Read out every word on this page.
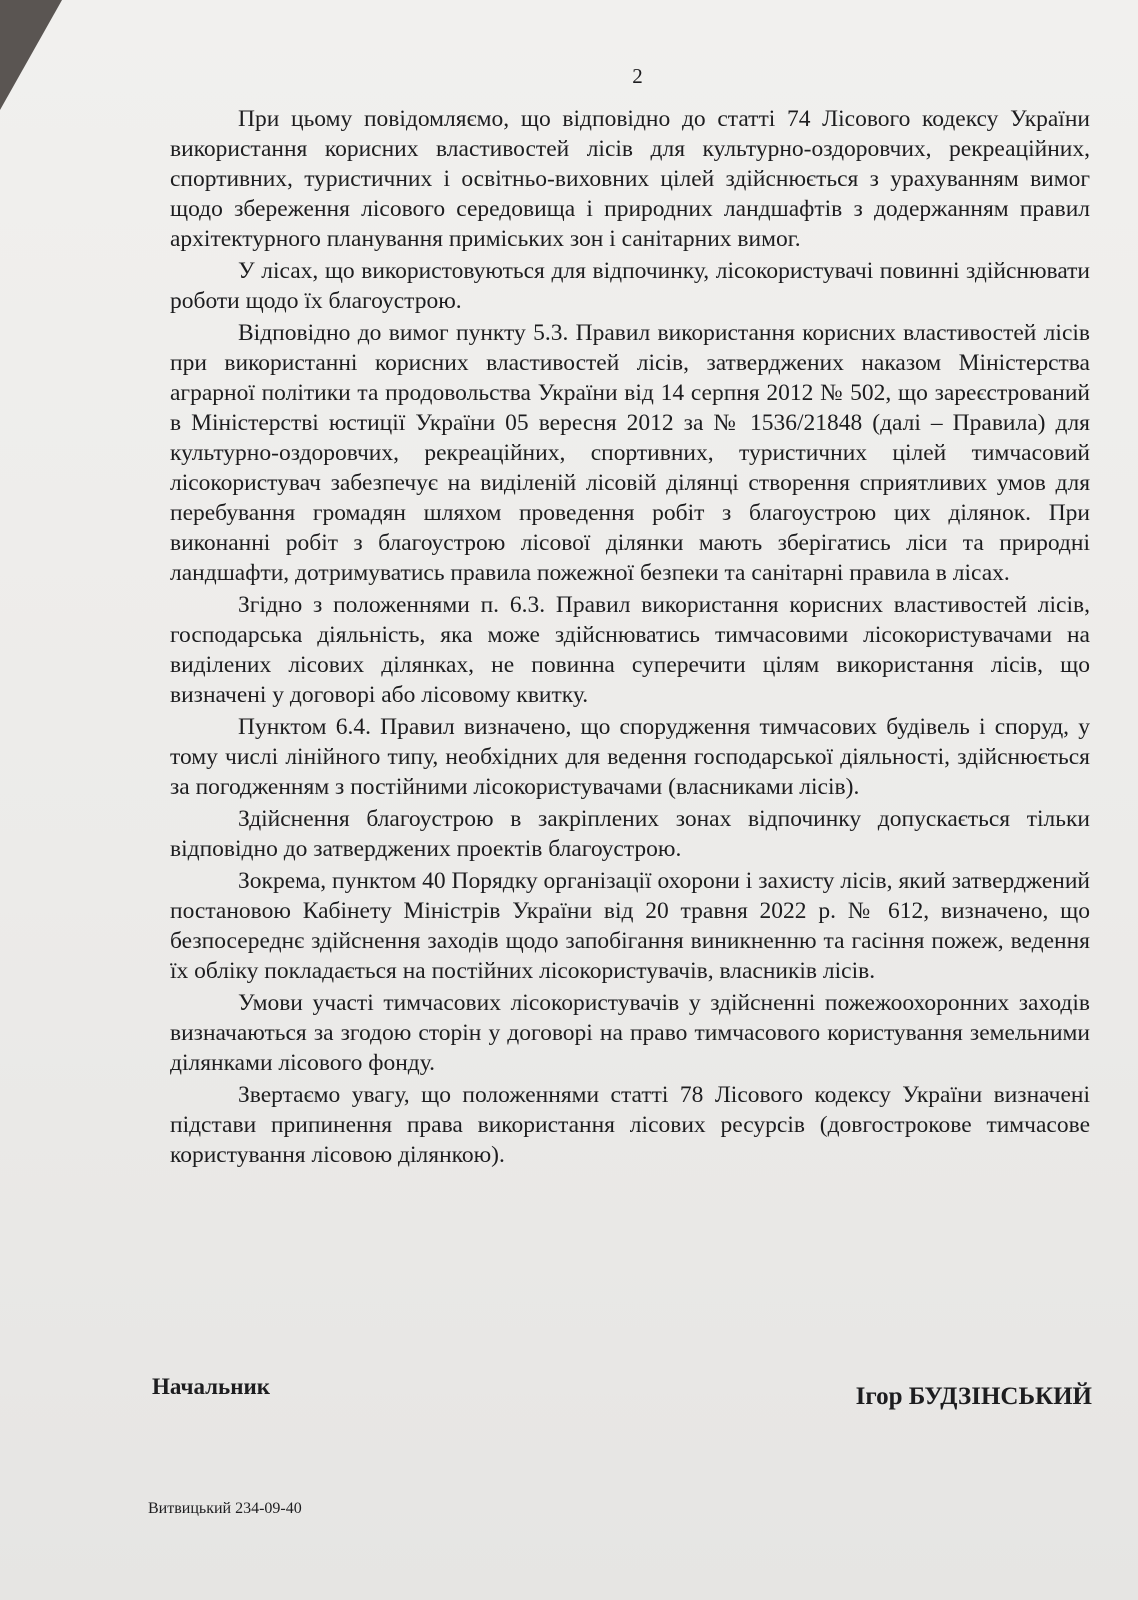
2

При цьому повідомляємо, що відповідно до статті 74 Лісового кодексу України використання корисних властивостей лісів для культурно-оздоровчих, рекреаційних, спортивних, туристичних і освітньо-виховних цілей здійснюється з урахуванням вимог щодо збереження лісового середовища і природних ландшафтів з додержанням правил архітектурного планування приміських зон і санітарних вимог.

У лісах, що використовуються для відпочинку, лісокористувачі повинні здійснювати роботи щодо їх благоустрою.

Відповідно до вимог пункту 5.3. Правил використання корисних властивостей лісів при використанні корисних властивостей лісів, затверджених наказом Міністерства аграрної політики та продовольства України від 14 серпня 2012 № 502, що зареєстрований в Міністерстві юстиції України 05 вересня 2012 за № 1536/21848 (далі – Правила) для культурно-оздоровчих, рекреаційних, спортивних, туристичних цілей тимчасовий лісокористувач забезпечує на виділеній лісовій ділянці створення сприятливих умов для перебування громадян шляхом проведення робіт з благоустрою цих ділянок. При виконанні робіт з благоустрою лісової ділянки мають зберігатись ліси та природні ландшафти, дотримуватись правила пожежної безпеки та санітарні правила в лісах.

Згідно з положеннями п. 6.3. Правил використання корисних властивостей лісів, господарська діяльність, яка може здійснюватись тимчасовими лісокористувачами на виділених лісових ділянках, не повинна суперечити цілям використання лісів, що визначені у договорі або лісовому квитку.

Пунктом 6.4. Правил визначено, що спорудження тимчасових будівель і споруд, у тому числі лінійного типу, необхідних для ведення господарської діяльності, здійснюється за погодженням з постійними лісокористувачами (власниками лісів).

Здійснення благоустрою в закріплених зонах відпочинку допускається тільки відповідно до затверджених проектів благоустрою.

Зокрема, пунктом 40 Порядку організації охорони і захисту лісів, який затверджений постановою Кабінету Міністрів України від 20 травня 2022 р. № 612, визначено, що безпосереднє здійснення заходів щодо запобігання виникненню та гасіння пожеж, ведення їх обліку покладається на постійних лісокористувачів, власників лісів.

Умови участі тимчасових лісокористувачів у здійсненні пожежоохоронних заходів визначаються за згодою сторін у договорі на право тимчасового користування земельними ділянками лісового фонду.

Звертаємо увагу, що положеннями статті 78 Лісового кодексу України визначені підстави припинення права використання лісових ресурсів (довгострокове тимчасове користування лісовою ділянкою).

Начальник	Ігор БУДЗІНСЬКИЙ
Витвицький 234-09-40
